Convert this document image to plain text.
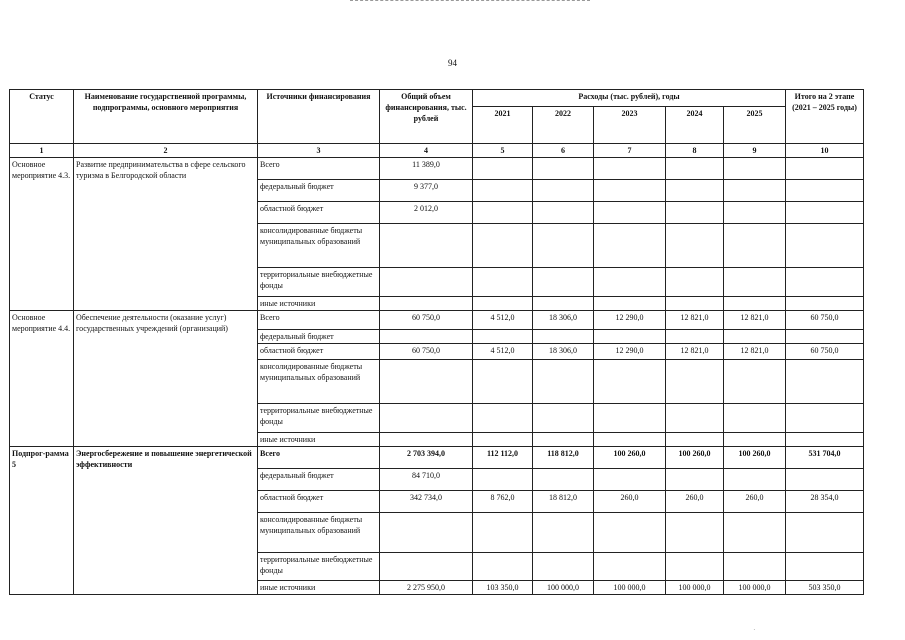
94
Статус	Наименование государственной программы, подпрограммы, основного мероприятия	Источники финансирования	Общий объем финансирования, тыс. рублей	Расходы (тыс. рублей), годы					Итого на 2 этапе (2021 – 2025 годы)
				2021	2022	2023	2024	2025	
1	2	3	4	5	6	7	8	9	10
Основное мероприятие 4.3.	Развитие предпринимательства в сфере сельского туризма в Белгородской области	Всего	11 389,0						
		федеральный бюджет	9 377,0						
		областной бюджет	2 012,0						
		консолидированные бюджеты муниципальных образований							
		территориальные внебюджетные фонды							
		иные источники							
Основное мероприятие 4.4.	Обеспечение деятельности (оказание услуг) государственных учреждений (организаций)	Всего	60 750,0	4 512,0	18 306,0	12 290,0	12 821,0	12 821,0	60 750,0
		федеральный бюджет							
		областной бюджет	60 750,0	4 512,0	18 306,0	12 290,0	12 821,0	12 821,0	60 750,0
		консолидированные бюджеты муниципальных образований							
		территориальные внебюджетные фонды							
		иные источники							
Подпрог-рамма 5	Энергосбережение и повышение энергетической эффективности	Всего	2 703 394,0	112 112,0	118 812,0	100 260,0	100 260,0	100 260,0	531 704,0
		федеральный бюджет	84 710,0						
		областной бюджет	342 734,0	8 762,0	18 812,0	260,0	260,0	260,0	28 354,0
		консолидированные бюджеты муниципальных образований							
		территориальные внебюджетные фонды							
		иные источники	2 275 950,0	103 350,0	100 000,0	100 000,0	100 000,0	100 000,0	503 350,0
.
